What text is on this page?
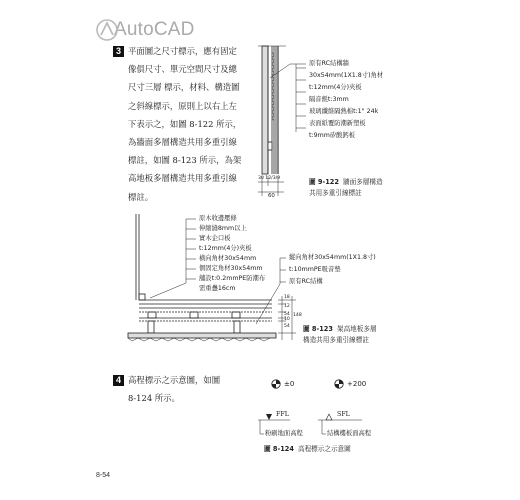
AutoCAD
3 平面圖之尺寸標示，應有固定
像俱尺寸、單元空間尺寸及總
尺寸三層 標示，材料、構造圖
之斜線標示，原則上以右上左
下表示之，如圖 8-122 所示，
為牆面多層構造共用多重引線
標註，如圖 8-123 所示，為架
高地板多層構造共用多重引線
標註。
原有RC結構牆
30x54mm(1X1.8寸)角材
t:12mm(4分)夾板
隔音氈t:3mm
玻璃纖維隔熱棉t:1" 24k
表面紙覆防潮新塑板
t:9mm矽酸鈣板
30 12/3/9
60
圖 9-122 牆面多層構造
共用多重引線標註
原木收邊壓條
伸縮縫8mm以上
實木企口板
t:12mm(4分)夾板
橫向角材30x54mm
個固定角材30x54mm
舖設t:0.2mmPE防潮布
需重疊16cm
縱向角材30x54mm(1X1.8寸)
t:10mmPE吸音墊
原有RC結構
18
12
54
10
54
148
圖 8-123 架高地板多層
構造共用多重引線標註
4 高程標示之示意圖，如圖
8-124 所示。
±0	+200
FFL	SFL
粉刷地面高程	結構樓板面高程
圖 8-124 高程標示之示意圖
8-54
